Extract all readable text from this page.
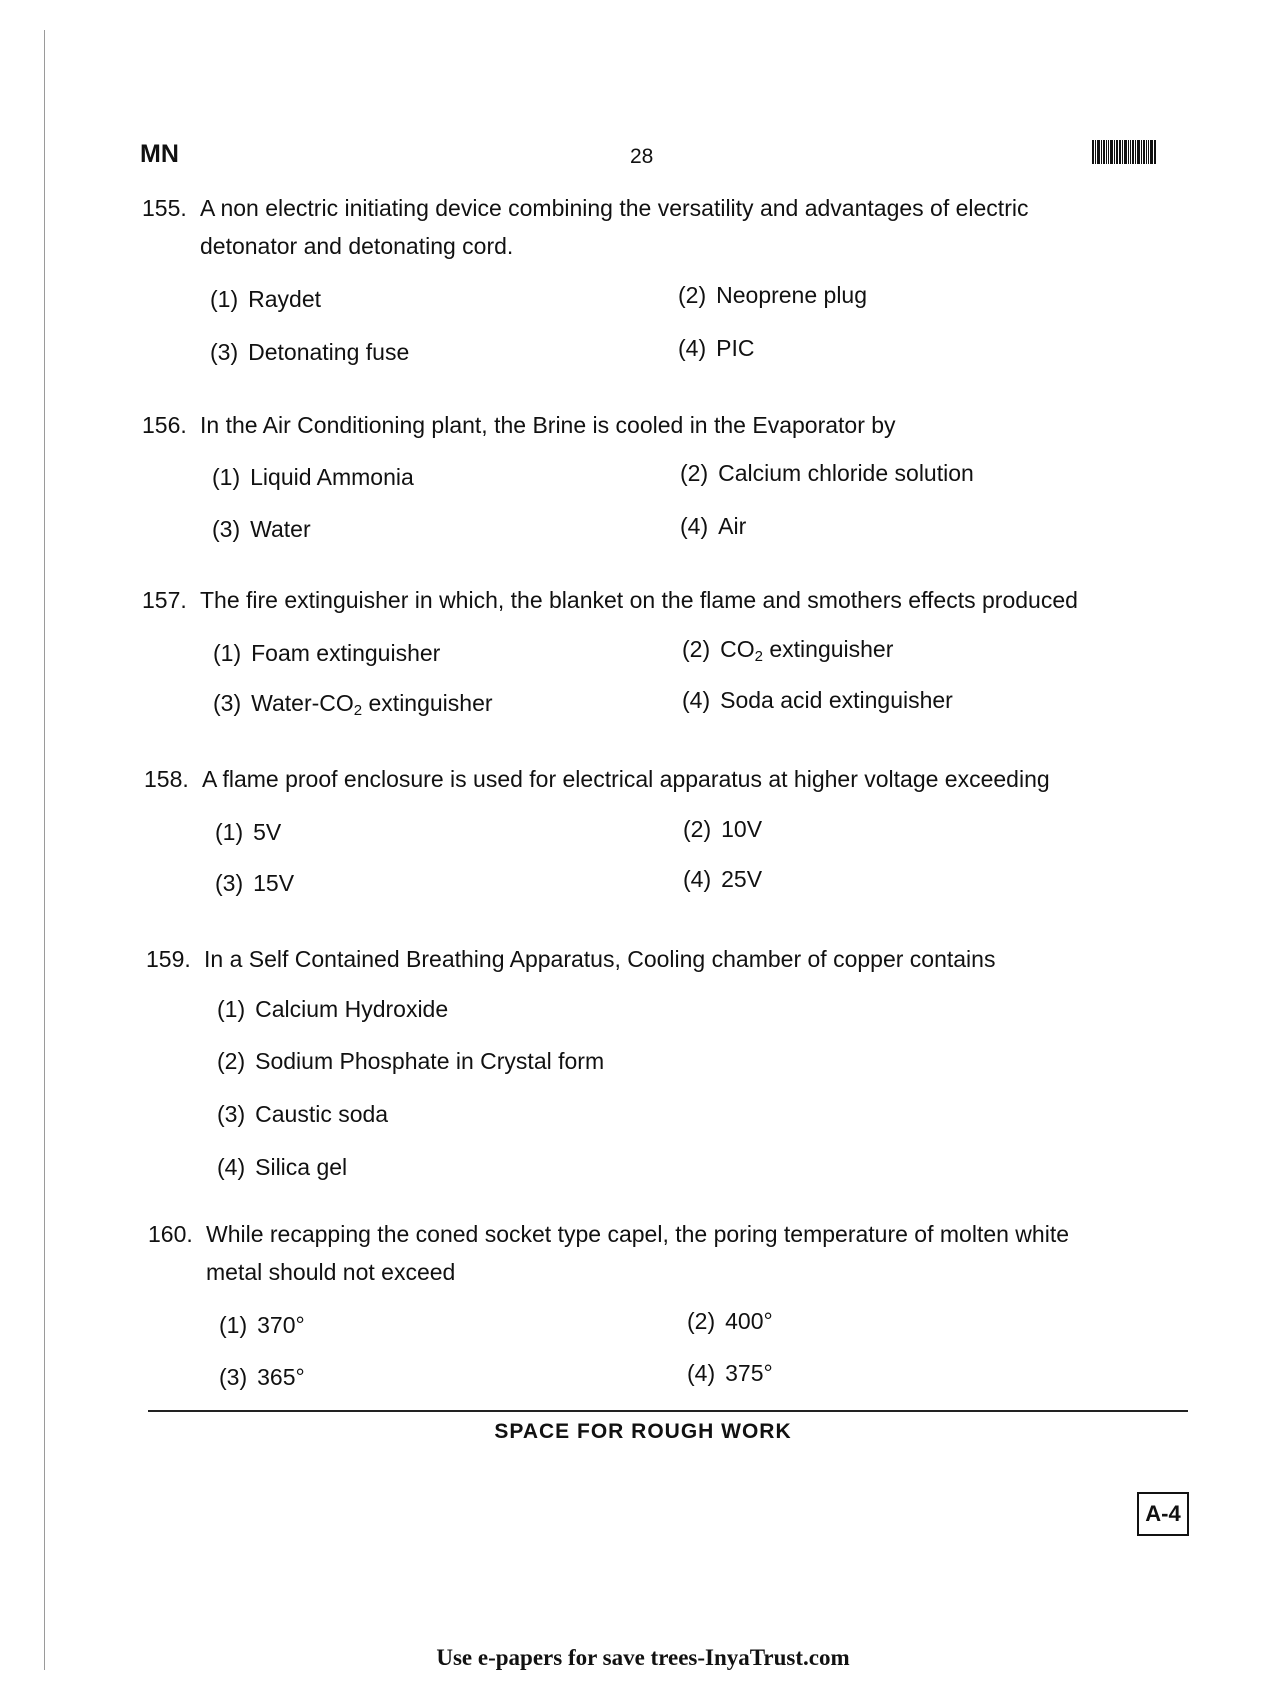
MN	28
155. A non electric initiating device combining the versatility and advantages of electric
detonator and detonating cord.
(1) Raydet	(2) Neoprene plug
(3) Detonating fuse	(4) PIC
156. In the Air Conditioning plant, the Brine is cooled in the Evaporator by
(1) Liquid Ammonia	(2) Calcium chloride solution
(3) Water	(4) Air
157. The fire extinguisher in which, the blanket on the flame and smothers effects produced
(1) Foam extinguisher	(2) $CO_2$ extinguisher
(3) Water-$CO_2$ extinguisher	(4) Soda acid extinguisher
158. A flame proof enclosure is used for electrical apparatus at higher voltage exceeding
(1) 5V	(2) 10V
(3) 15V	(4) 25V
159. In a Self Contained Breathing Apparatus, Cooling chamber of copper contains
(1) Calcium Hydroxide
(2) Sodium Phosphate in Crystal form
(3) Caustic soda
(4) Silica gel
160. While recapping the coned socket type capel, the poring temperature of molten white
metal should not exceed
(1) 370°	(2) 400°
(3) 365°	(4) 375°
SPACE FOR ROUGH WORK
A-4
Use e-papers for save trees-InyaTrust.com
